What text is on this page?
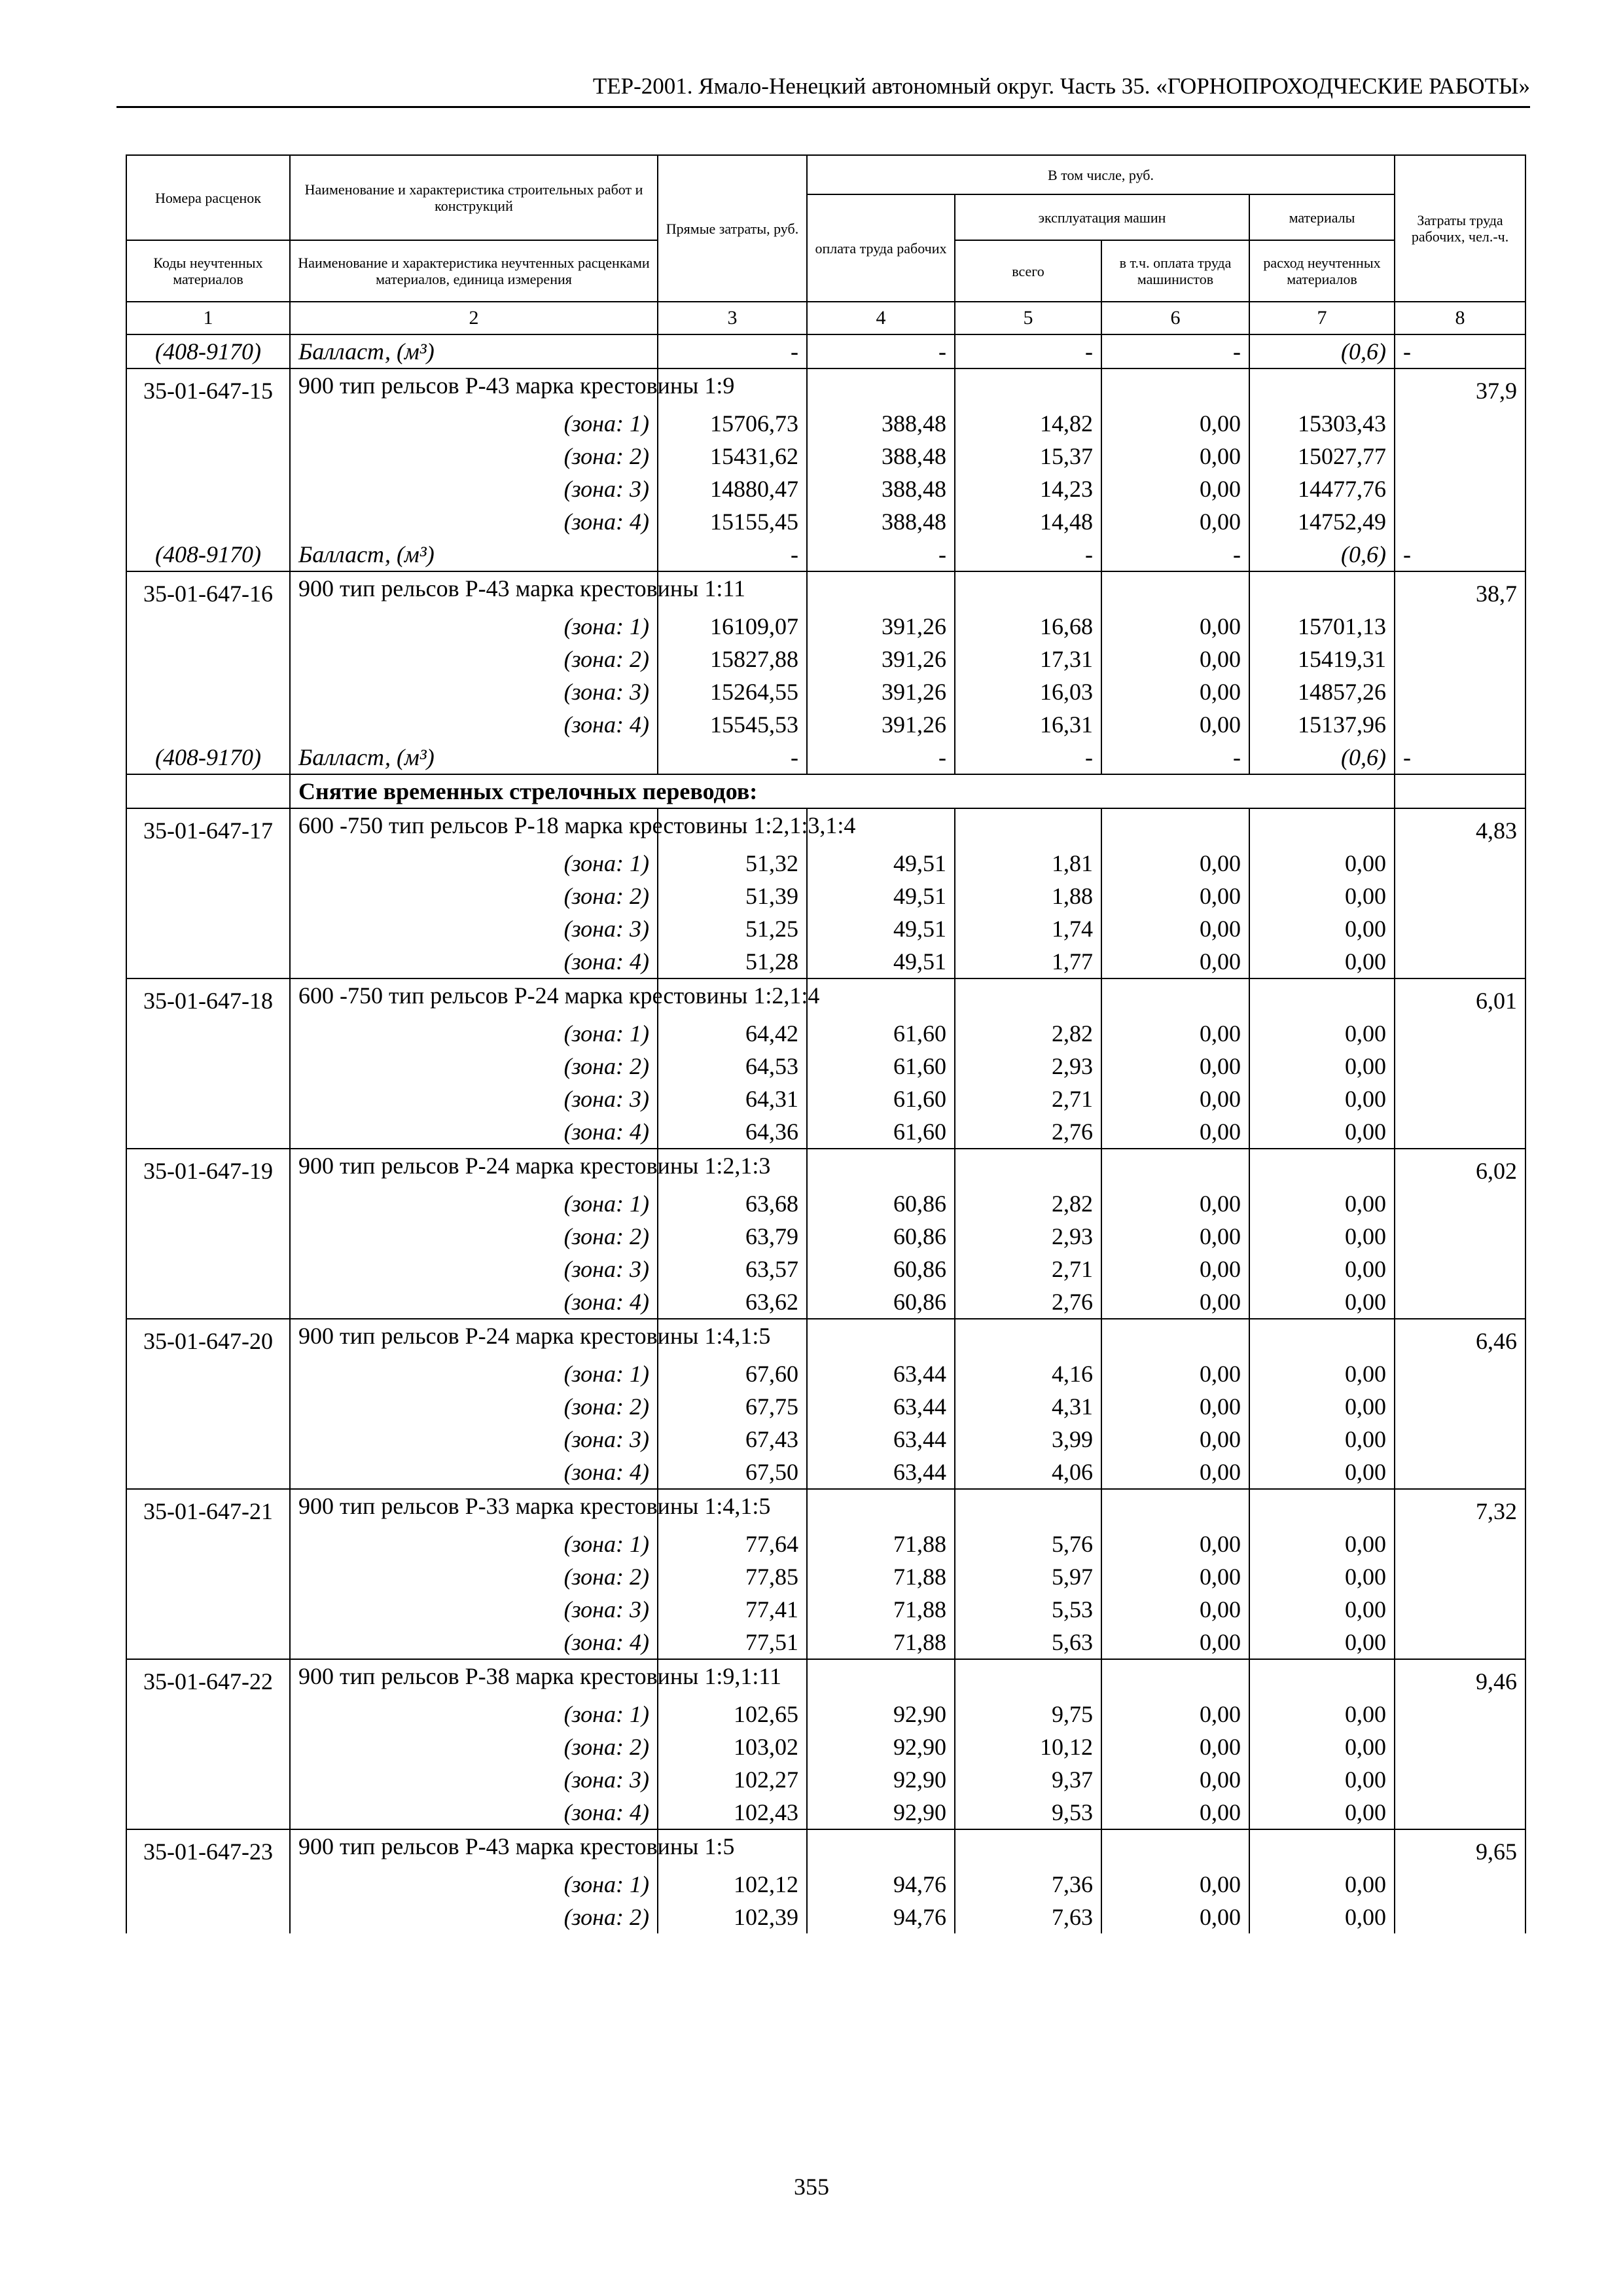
ТЕР-2001. Ямало-Ненецкий автономный округ. Часть 35. «ГОРНОПРОХОДЧЕСКИЕ РАБОТЫ»
Номера расценок	Наименование и характеристика строительных работ и конструкций	Прямые затраты, руб.	В том числе, руб.				Затраты труда рабочих, чел.-ч.
			оплата труда рабочих	эксплуатация машин		материалы	
Коды неучтенных материалов	Наименование и характеристика неучтенных расценками материалов, единица измерения			всего	в т.ч. оплата труда машинистов	расход неучтенных материалов	
1	2	3	4	5	6	7	8
(408-9170)	Балласт, (м³)	-	-	-	-	(0,6)	-
35-01-647-15	900 тип рельсов Р-43 марка крестовины 1:9						37,9
	(зона: 1)	15706,73	388,48	14,82	0,00	15303,43	
	(зона: 2)	15431,62	388,48	15,37	0,00	15027,77	
	(зона: 3)	14880,47	388,48	14,23	0,00	14477,76	
	(зона: 4)	15155,45	388,48	14,48	0,00	14752,49	
(408-9170)	Балласт, (м³)	-	-	-	-	(0,6)	-
35-01-647-16	900 тип рельсов Р-43 марка крестовины 1:11						38,7
	(зона: 1)	16109,07	391,26	16,68	0,00	15701,13	
	(зона: 2)	15827,88	391,26	17,31	0,00	15419,31	
	(зона: 3)	15264,55	391,26	16,03	0,00	14857,26	
	(зона: 4)	15545,53	391,26	16,31	0,00	15137,96	
(408-9170)	Балласт, (м³)	-	-	-	-	(0,6)	-
	Снятие временных стрелочных переводов:						
35-01-647-17	600 -750 тип рельсов Р-18 марка крестовины 1:2,1:3,1:4						4,83
	(зона: 1)	51,32	49,51	1,81	0,00	0,00	
	(зона: 2)	51,39	49,51	1,88	0,00	0,00	
	(зона: 3)	51,25	49,51	1,74	0,00	0,00	
	(зона: 4)	51,28	49,51	1,77	0,00	0,00	
35-01-647-18	600 -750 тип рельсов Р-24 марка крестовины 1:2,1:4						6,01
	(зона: 1)	64,42	61,60	2,82	0,00	0,00	
	(зона: 2)	64,53	61,60	2,93	0,00	0,00	
	(зона: 3)	64,31	61,60	2,71	0,00	0,00	
	(зона: 4)	64,36	61,60	2,76	0,00	0,00	
35-01-647-19	900 тип рельсов Р-24 марка крестовины 1:2,1:3						6,02
	(зона: 1)	63,68	60,86	2,82	0,00	0,00	
	(зона: 2)	63,79	60,86	2,93	0,00	0,00	
	(зона: 3)	63,57	60,86	2,71	0,00	0,00	
	(зона: 4)	63,62	60,86	2,76	0,00	0,00	
35-01-647-20	900 тип рельсов Р-24 марка крестовины 1:4,1:5						6,46
	(зона: 1)	67,60	63,44	4,16	0,00	0,00	
	(зона: 2)	67,75	63,44	4,31	0,00	0,00	
	(зона: 3)	67,43	63,44	3,99	0,00	0,00	
	(зона: 4)	67,50	63,44	4,06	0,00	0,00	
35-01-647-21	900 тип рельсов Р-33 марка крестовины 1:4,1:5						7,32
	(зона: 1)	77,64	71,88	5,76	0,00	0,00	
	(зона: 2)	77,85	71,88	5,97	0,00	0,00	
	(зона: 3)	77,41	71,88	5,53	0,00	0,00	
	(зона: 4)	77,51	71,88	5,63	0,00	0,00	
35-01-647-22	900 тип рельсов Р-38 марка крестовины 1:9,1:11						9,46
	(зона: 1)	102,65	92,90	9,75	0,00	0,00	
	(зона: 2)	103,02	92,90	10,12	0,00	0,00	
	(зона: 3)	102,27	92,90	9,37	0,00	0,00	
	(зона: 4)	102,43	92,90	9,53	0,00	0,00	
35-01-647-23	900 тип рельсов Р-43 марка крестовины 1:5						9,65
	(зона: 1)	102,12	94,76	7,36	0,00	0,00	
	(зона: 2)	102,39	94,76	7,63	0,00	0,00	
355
